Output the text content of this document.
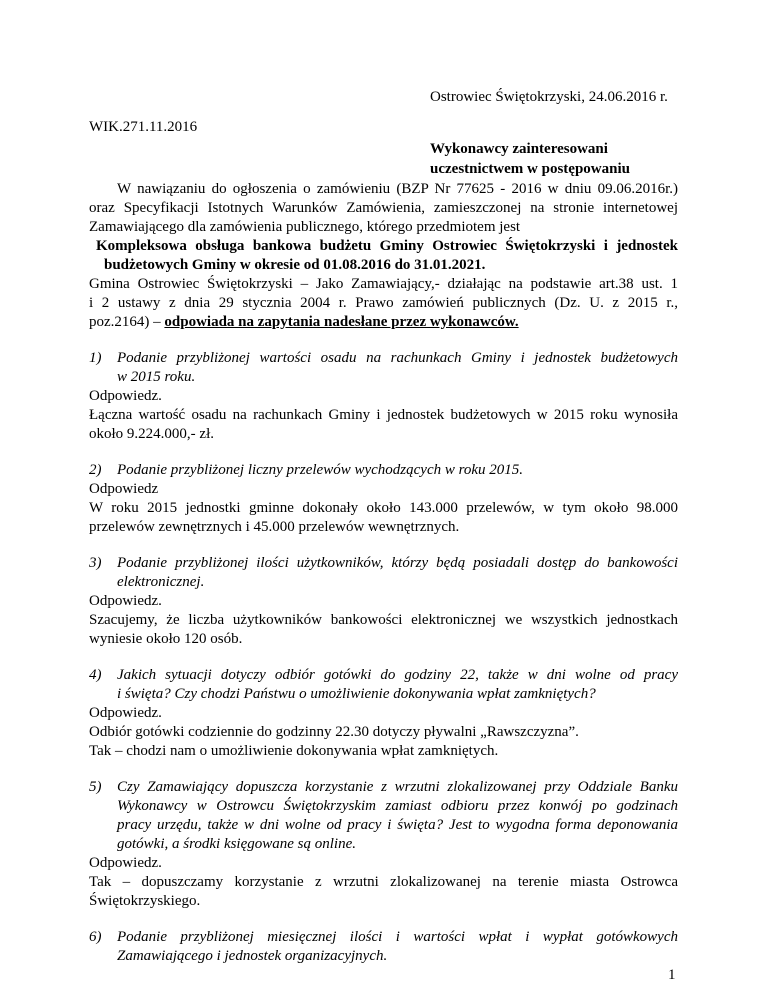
Ostrowiec Świętokrzyski, 24.06.2016 r.
WIK.271.11.2016
Wykonawcy zainteresowani
uczestnictwem w postępowaniu
W nawiązaniu do ogłoszenia o zamówieniu (BZP Nr 77625 - 2016 w dniu 09.06.2016r.)
oraz Specyfikacji Istotnych Warunków Zamówienia, zamieszczonej na stronie internetowej
Zamawiającego dla zamówienia publicznego, którego przedmiotem jest
Kompleksowa obsługa bankowa budżetu Gminy Ostrowiec Świętokrzyski i jednostek
budżetowych Gminy w okresie od 01.08.2016 do 31.01.2021.
Gmina Ostrowiec Świętokrzyski – Jako Zamawiający,- działając na podstawie art.38 ust. 1
i 2 ustawy z dnia 29 stycznia 2004 r. Prawo zamówień publicznych (Dz. U. z 2015 r.,
poz.2164) – odpowiada na zapytania nadesłane przez wykonawców.
1) Podanie przybliżonej wartości osadu na rachunkach Gminy i jednostek budżetowych
w 2015 roku.
Odpowiedz.
Łączna wartość osadu na rachunkach Gminy i jednostek budżetowych w 2015 roku wynosiła
około 9.224.000,- zł.
2) Podanie przybliżonej liczny przelewów wychodzących w roku 2015.
Odpowiedz
W roku 2015 jednostki gminne dokonały około 143.000 przelewów, w tym około 98.000
przelewów zewnętrznych i 45.000 przelewów wewnętrznych.
3) Podanie przybliżonej ilości użytkowników, którzy będą posiadali dostęp do bankowości
elektronicznej.
Odpowiedz.
Szacujemy, że liczba użytkowników bankowości elektronicznej we wszystkich jednostkach
wyniesie około 120 osób.
4) Jakich sytuacji dotyczy odbiór gotówki do godziny 22, także w dni wolne od pracy
i święta? Czy chodzi Państwu o umożliwienie dokonywania wpłat zamkniętych?
Odpowiedz.
Odbiór gotówki codziennie do godzinny 22.30 dotyczy pływalni „Rawszczyzna”.
Tak – chodzi nam o umożliwienie dokonywania wpłat zamkniętych.
5) Czy Zamawiający dopuszcza korzystanie z wrzutni zlokalizowanej przy Oddziale Banku
Wykonawcy w Ostrowcu Świętokrzyskim zamiast odbioru przez konwój po godzinach
pracy urzędu, także w dni wolne od pracy i święta? Jest to wygodna forma deponowania
gotówki, a środki księgowane są online.
Odpowiedz.
Tak – dopuszczamy korzystanie z wrzutni zlokalizowanej na terenie miasta Ostrowca
Świętokrzyskiego.
6) Podanie przybliżonej miesięcznej ilości i wartości wpłat i wypłat gotówkowych
Zamawiającego i jednostek organizacyjnych.
1
